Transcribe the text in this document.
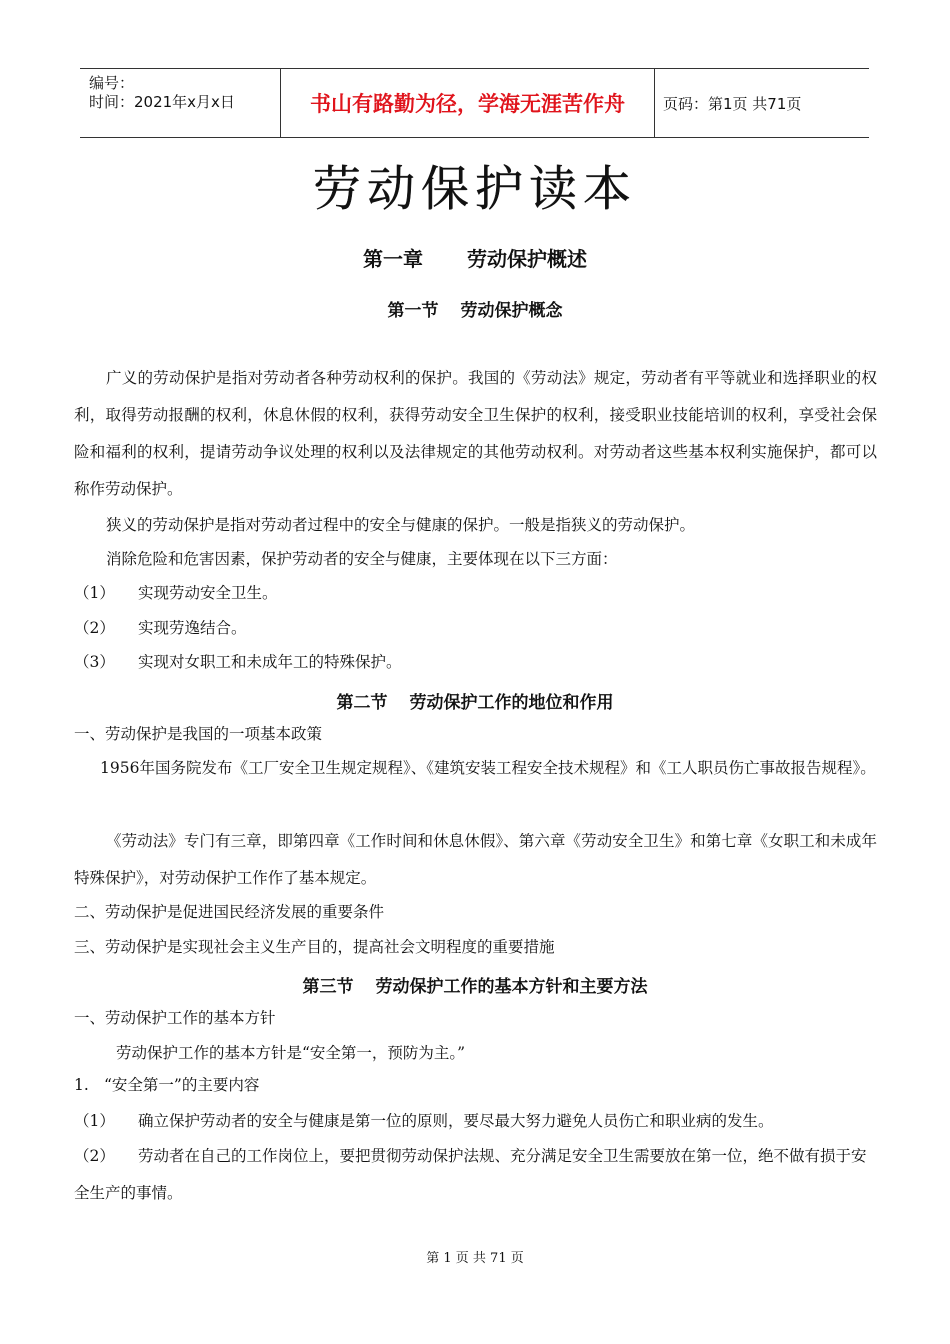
编号：
时间：2021年x月x日	书山有路勤为径，学海无涯苦作舟	页码：第1页 共71页
劳动保护读本
第一章 劳动保护概述
第一节 劳动保护概念
广义的劳动保护是指对劳动者各种劳动权利的保护。我国的《劳动法》规定，劳动者有平等就业和选择职业的权利，取得劳动报酬的权利，休息休假的权利，获得劳动安全卫生保护的权利，接受职业技能培训的权利，享受社会保险和福利的权利，提请劳动争议处理的权利以及法律规定的其他劳动权利。对劳动者这些基本权利实施保护，都可以称作劳动保护。
狭义的劳动保护是指对劳动者过程中的安全与健康的保护。一般是指狭义的劳动保护。
消除危险和危害因素，保护劳动者的安全与健康，主要体现在以下三方面：
（1） 实现劳动安全卫生。
（2） 实现劳逸结合。
（3） 实现对女职工和未成年工的特殊保护。
第二节 劳动保护工作的地位和作用
一、劳动保护是我国的一项基本政策
1956年国务院发布《工厂安全卫生规定规程》、《建筑安装工程安全技术规程》和《工人职员伤亡事故报告规程》。
《劳动法》专门有三章，即第四章《工作时间和休息休假》、第六章《劳动安全卫生》和第七章《女职工和未成年特殊保护》，对劳动保护工作作了基本规定。
二、劳动保护是促进国民经济发展的重要条件
三、劳动保护是实现社会主义生产目的，提高社会文明程度的重要措施
第三节 劳动保护工作的基本方针和主要方法
一、劳动保护工作的基本方针
劳动保护工作的基本方针是“安全第一，预防为主。”
1. “安全第一”的主要内容
（1） 确立保护劳动者的安全与健康是第一位的原则，要尽最大努力避免人员伤亡和职业病的发生。
（2） 劳动者在自己的工作岗位上，要把贯彻劳动保护法规、充分满足安全卫生需要放在第一位，绝不做有损于安全生产的事情。
第 1 页 共 71 页
